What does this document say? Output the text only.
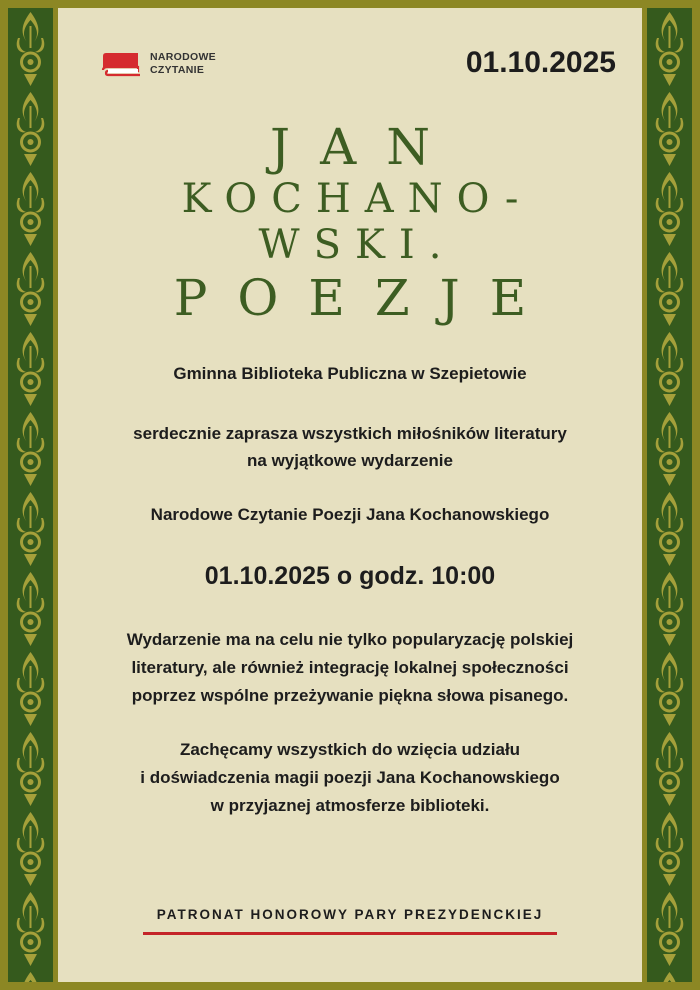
NARODOWE
CZYTANIE	01.10.2025
JAN
KOCHANO-
WSKI.
POEZJE
Gminna Biblioteka Publiczna w Szepietowie
serdecznie zaprasza wszystkich miłośników literatury
na wyjątkowe wydarzenie
Narodowe Czytanie Poezji Jana Kochanowskiego
01.10.2025 o godz. 10:00
Wydarzenie ma na celu nie tylko popularyzację polskiej
literatury, ale również integrację lokalnej społeczności
poprzez wspólne przeżywanie piękna słowa pisanego.
Zachęcamy wszystkich do wzięcia udziału
i doświadczenia magii poezji Jana Kochanowskiego
w przyjaznej atmosferze biblioteki.
PATRONAT HONOROWY PARY PREZYDENCKIEJ
